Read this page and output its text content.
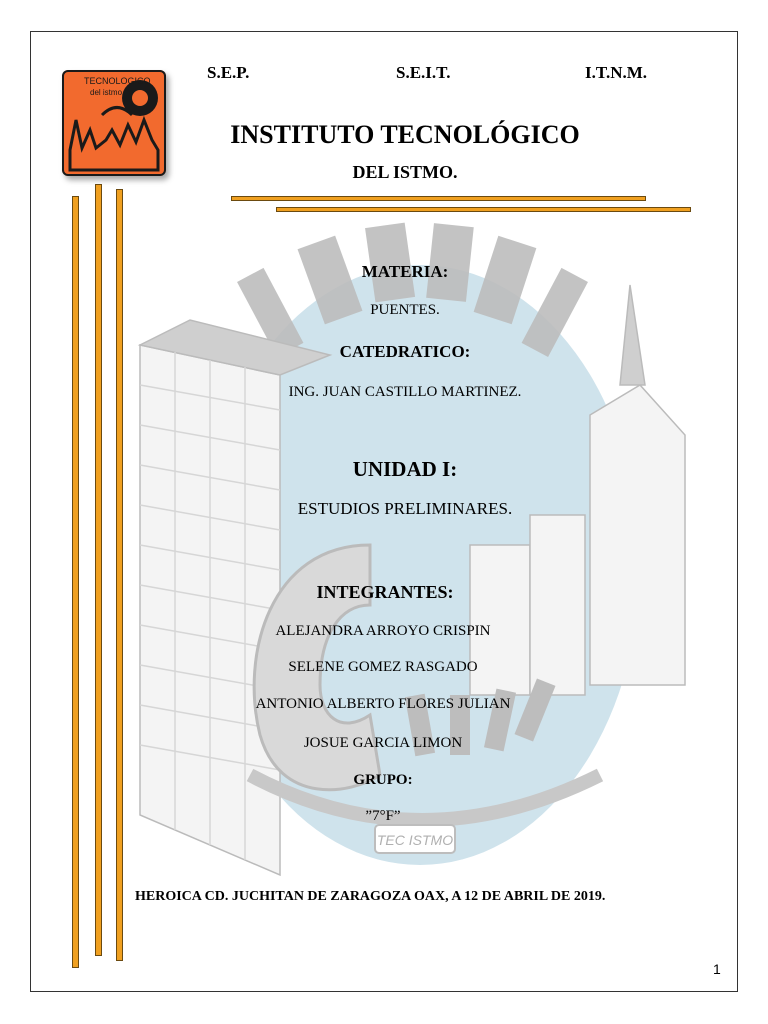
TEC ISTMO
TECNOLOGICO
del istmo
S.E.P.	S.E.I.T.	I.T.N.M.
INSTITUTO TECNOLÓGICO
DEL ISTMO.
MATERIA:
PUENTES.
CATEDRATICO:
ING. JUAN CASTILLO MARTINEZ.
UNIDAD I:
ESTUDIOS PRELIMINARES.
INTEGRANTES:
ALEJANDRA ARROYO CRISPIN
SELENE GOMEZ RASGADO
ANTONIO ALBERTO FLORES JULIAN
JOSUE GARCIA LIMON
GRUPO:
”7°F”
HEROICA CD. JUCHITAN DE ZARAGOZA OAX, A 12 DE ABRIL DE 2019.
1
